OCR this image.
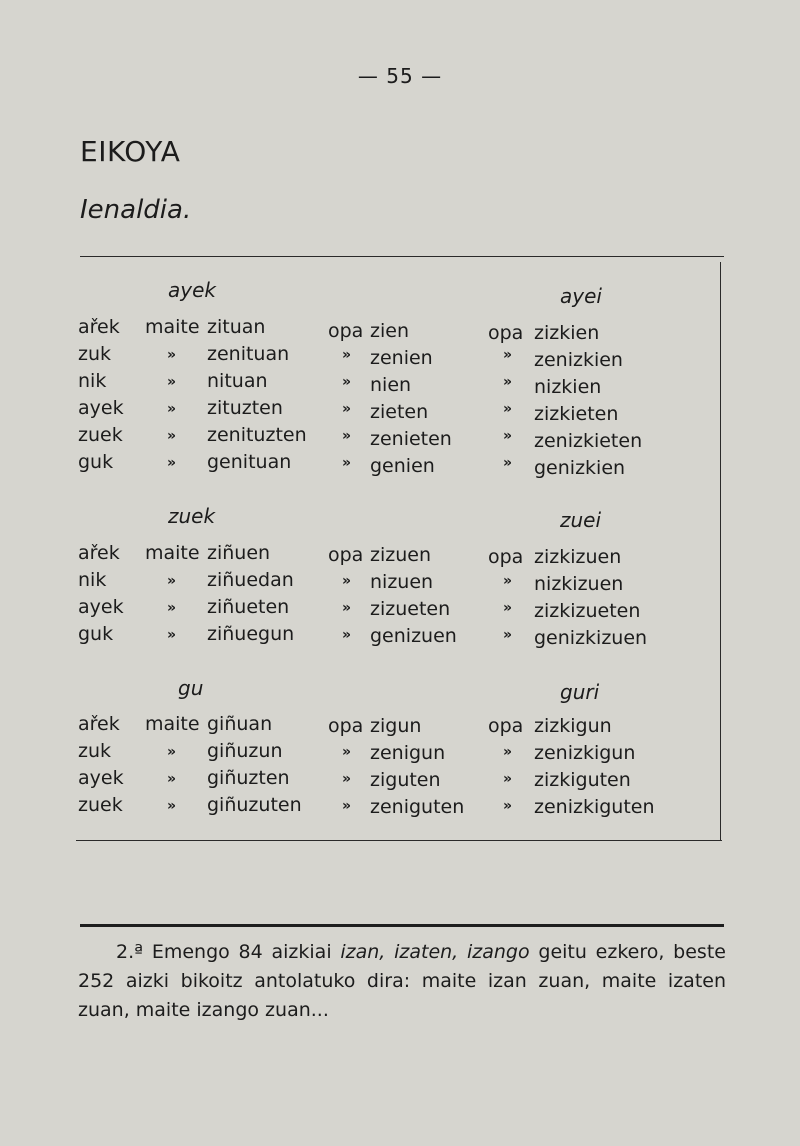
— 55 —
EIKOYA
Ienaldia.
ayek	ayei
ařek maite zituan	opa zien	opa zizkien
zuk	» zenituan	» zenien	» zenizkien
nik	» nituan	» nien	» nizkien
ayek	» zituzten	» zieten	» zizkieten
zuek	» zenituzten	» zenieten	» zenizkieten
guk	» genituan	» genien	» genizkien
zuek	zuei
ařek maite ziñuen	opa zizuen	opa zizkizuen
nik	» ziñuedan	» nizuen	» nizkizuen
ayek	» ziñueten	» zizueten	» zizkizueten
guk	» ziñuegun	» genizuen	» genizkizuen
gu	guri
ařek maite giñuan	opa zigun	opa zizkigun
zuk	» giñuzun	» zenigun	» zenizkigun
ayek	» giñuzten	» ziguten	» zizkiguten
zuek	» giñuzuten	» zeniguten	» zenizkiguten
2.ª Emengo 84 aizkiai izan, izaten, izango geitu ezkero, beste 252 aizki bikoitz antolatuko dira: maite izan zuan, maite izaten zuan, maite izango zuan...
